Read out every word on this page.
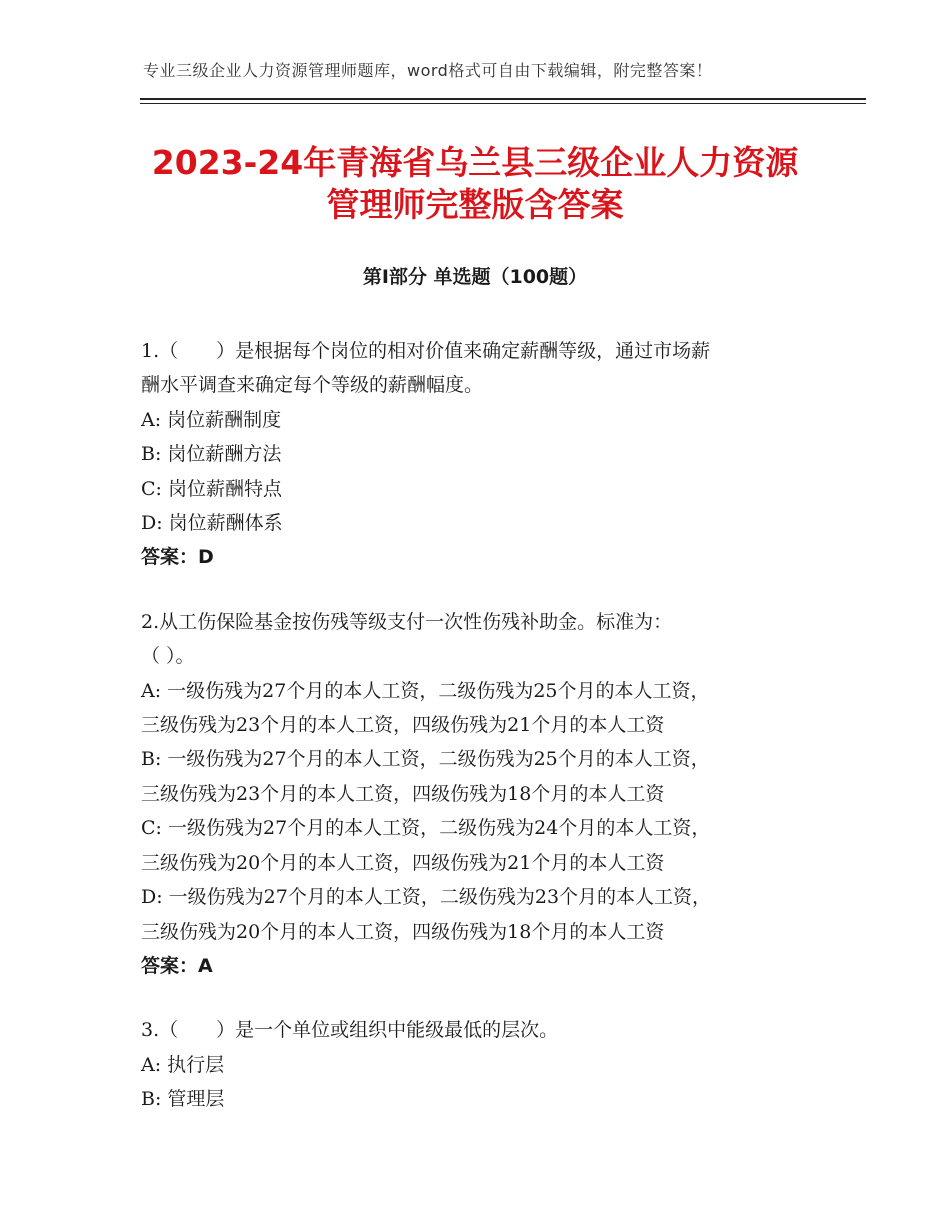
专业三级企业人力资源管理师题库，word格式可自由下载编辑，附完整答案！
2023-24年青海省乌兰县三级企业人力资源
管理师完整版含答案
第Ⅰ部分 单选题（100题）
1.（　　）是根据每个岗位的相对价值来确定薪酬等级，通过市场薪
酬水平调查来确定每个等级的薪酬幅度。
A: 岗位薪酬制度
B: 岗位薪酬方法
C: 岗位薪酬特点
D: 岗位薪酬体系
答案：D
2.从工伤保险基金按伤残等级支付一次性伤残补助金。标准为：
（ ）。
A: 一级伤残为27个月的本人工资，二级伤残为25个月的本人工资，
三级伤残为23个月的本人工资，四级伤残为21个月的本人工资
B: 一级伤残为27个月的本人工资，二级伤残为25个月的本人工资，
三级伤残为23个月的本人工资，四级伤残为18个月的本人工资
C: 一级伤残为27个月的本人工资，二级伤残为24个月的本人工资，
三级伤残为20个月的本人工资，四级伤残为21个月的本人工资
D: 一级伤残为27个月的本人工资，二级伤残为23个月的本人工资，
三级伤残为20个月的本人工资，四级伤残为18个月的本人工资
答案：A
3.（　　）是一个单位或组织中能级最低的层次。
A: 执行层
B: 管理层
